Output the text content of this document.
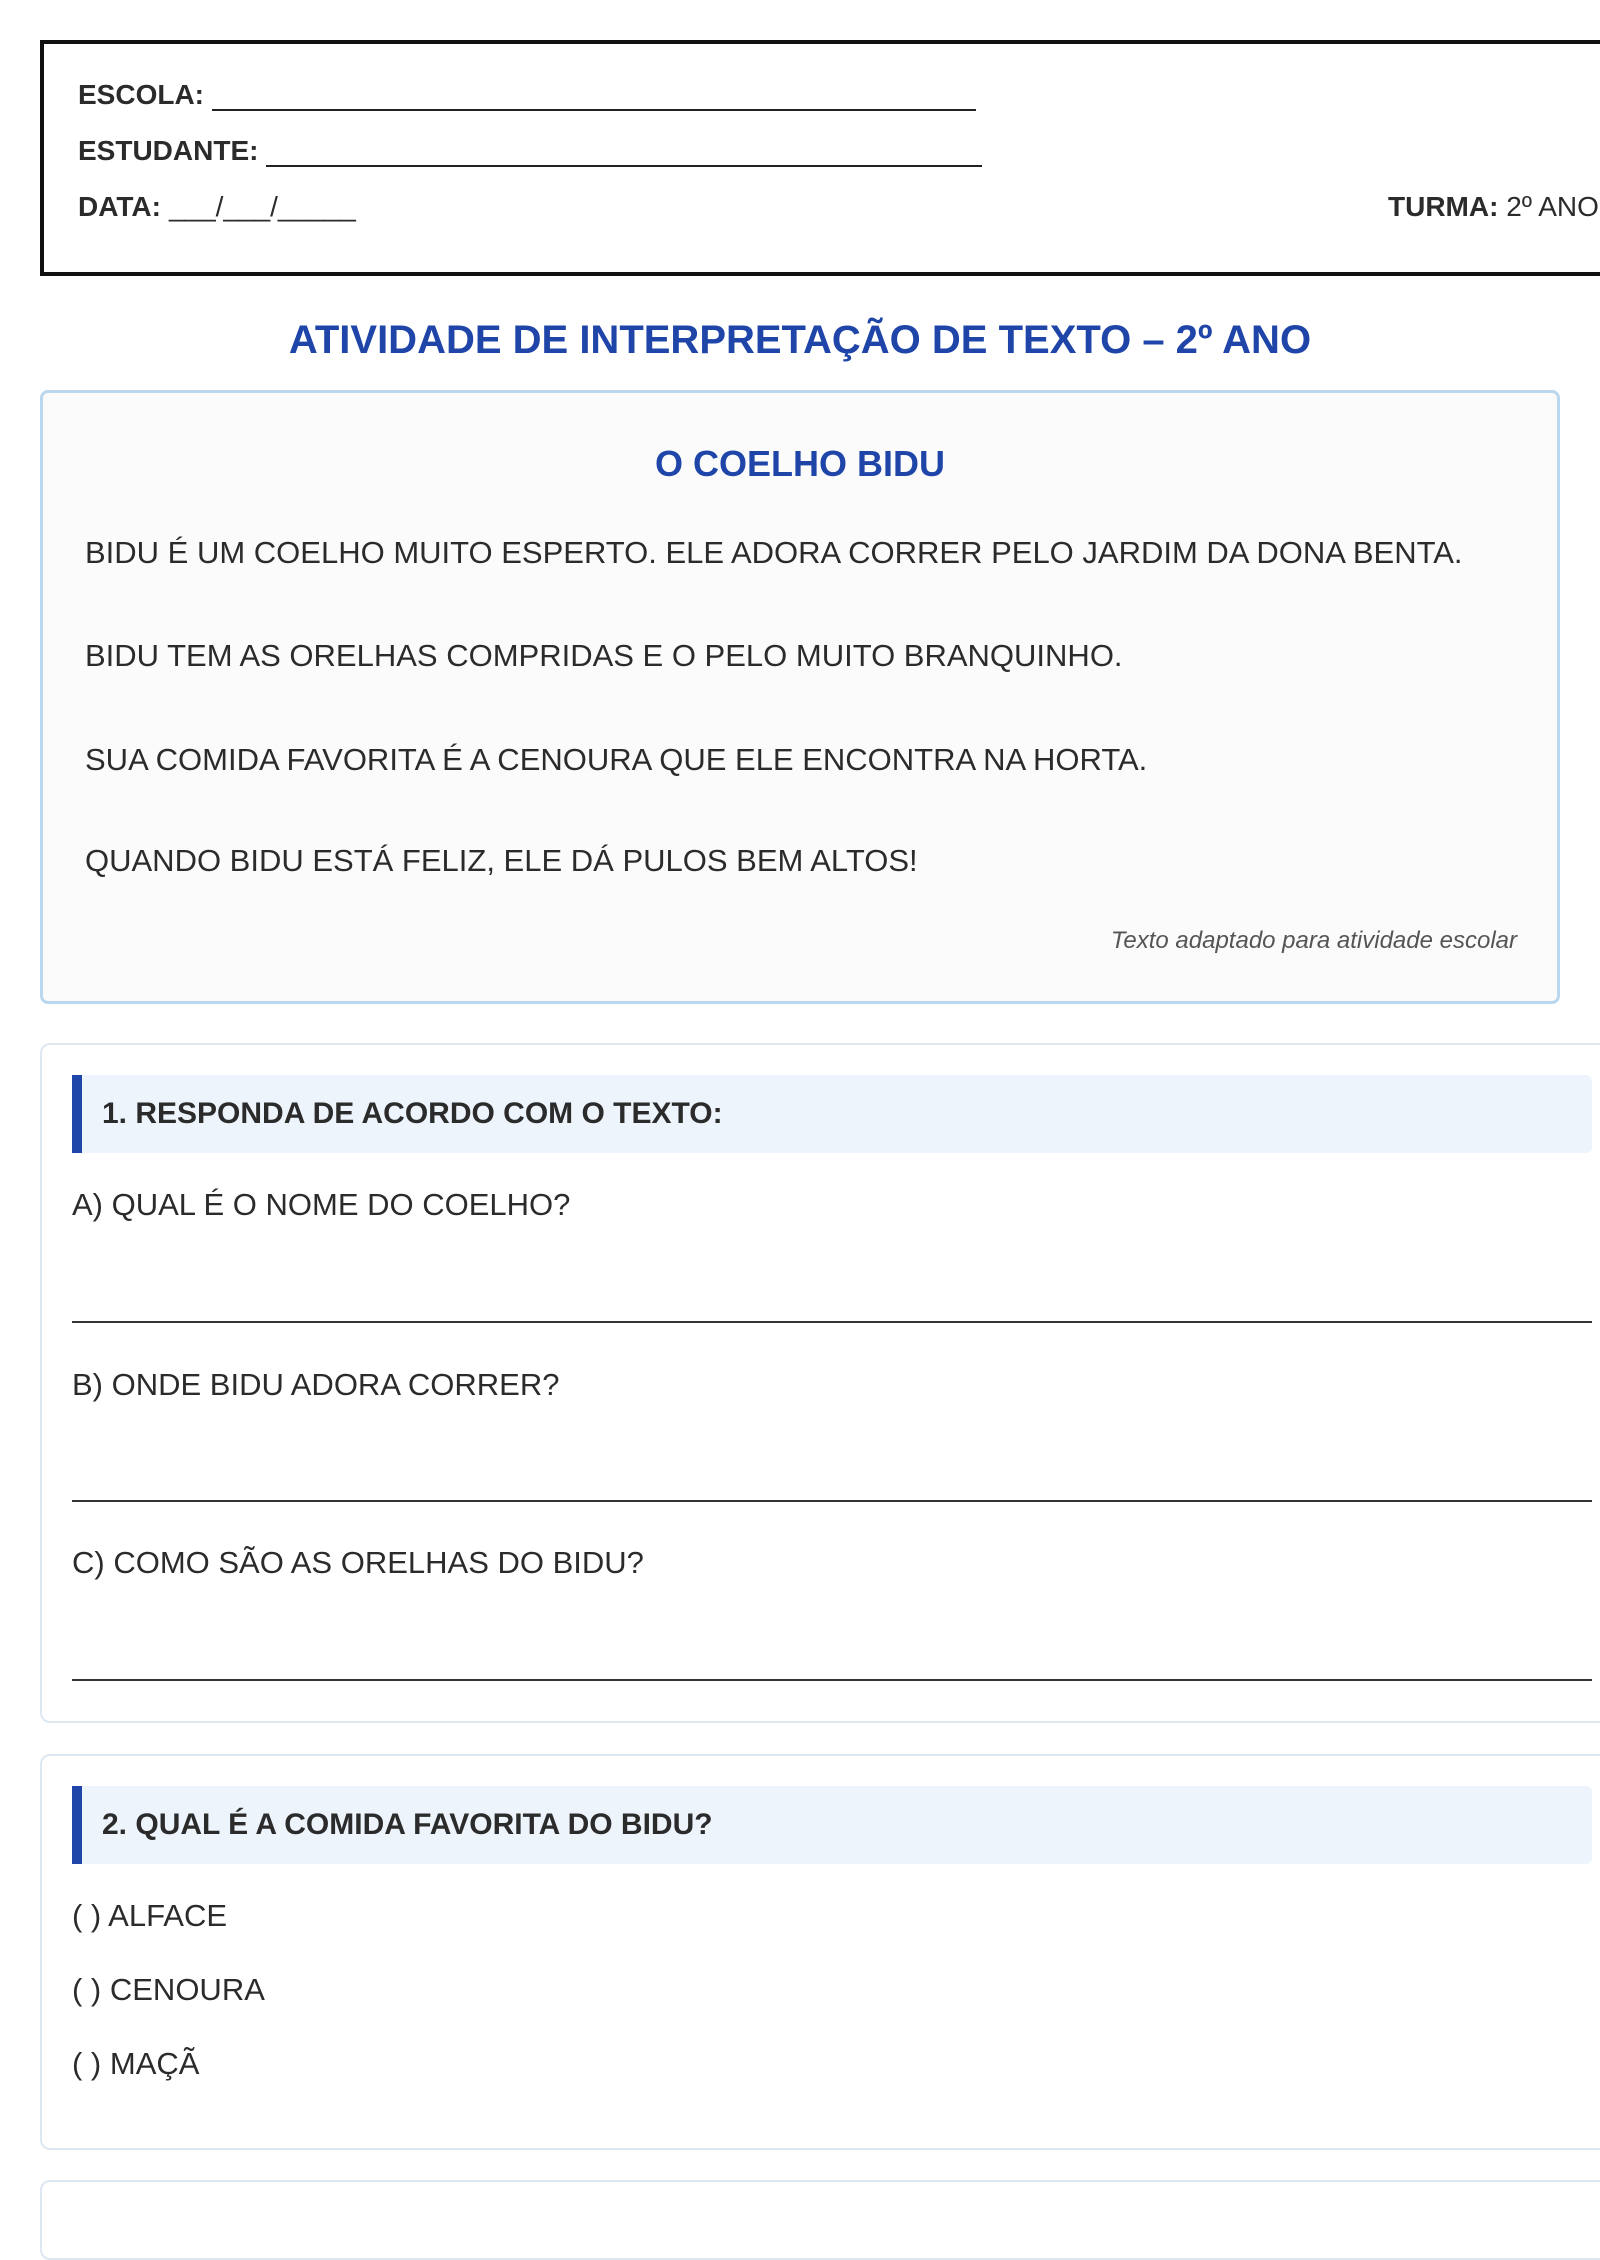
ESCOLA:
ESTUDANTE:
DATA: ___/___/_____	TURMA: 2º ANO
ATIVIDADE DE INTERPRETAÇÃO DE TEXTO – 2º ANO
O COELHO BIDU
BIDU É UM COELHO MUITO ESPERTO. ELE ADORA CORRER PELO JARDIM DA DONA BENTA.
BIDU TEM AS ORELHAS COMPRIDAS E O PELO MUITO BRANQUINHO.
SUA COMIDA FAVORITA É A CENOURA QUE ELE ENCONTRA NA HORTA.
QUANDO BIDU ESTÁ FELIZ, ELE DÁ PULOS BEM ALTOS!
Texto adaptado para atividade escolar
1. RESPONDA DE ACORDO COM O TEXTO:
A) QUAL É O NOME DO COELHO?
B) ONDE BIDU ADORA CORRER?
C) COMO SÃO AS ORELHAS DO BIDU?
2. QUAL É A COMIDA FAVORITA DO BIDU?
( ) ALFACE
( ) CENOURA
( ) MAÇÃ
